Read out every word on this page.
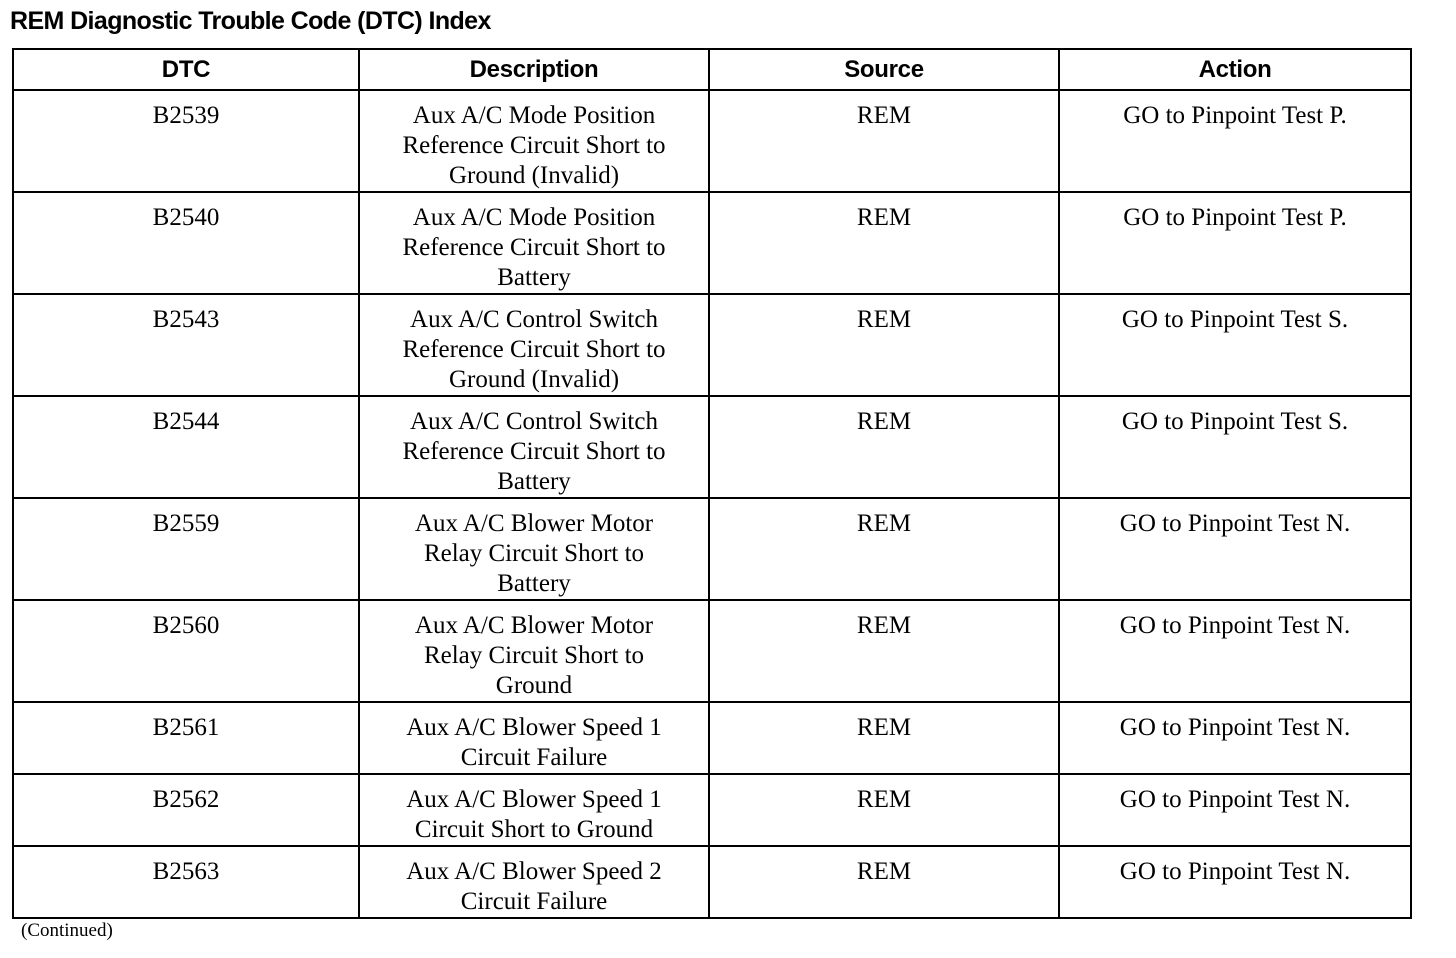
REM Diagnostic Trouble Code (DTC) Index
DTC	Description	Source	Action
B2539	Aux A/C Mode Position
Reference Circuit Short to
Ground (Invalid)	REM	GO to Pinpoint Test P.
B2540	Aux A/C Mode Position
Reference Circuit Short to
Battery	REM	GO to Pinpoint Test P.
B2543	Aux A/C Control Switch
Reference Circuit Short to
Ground (Invalid)	REM	GO to Pinpoint Test S.
B2544	Aux A/C Control Switch
Reference Circuit Short to
Battery	REM	GO to Pinpoint Test S.
B2559	Aux A/C Blower Motor
Relay Circuit Short to
Battery	REM	GO to Pinpoint Test N.
B2560	Aux A/C Blower Motor
Relay Circuit Short to
Ground	REM	GO to Pinpoint Test N.
B2561	Aux A/C Blower Speed 1
Circuit Failure	REM	GO to Pinpoint Test N.
B2562	Aux A/C Blower Speed 1
Circuit Short to Ground	REM	GO to Pinpoint Test N.
B2563	Aux A/C Blower Speed 2
Circuit Failure	REM	GO to Pinpoint Test N.
(Continued)
